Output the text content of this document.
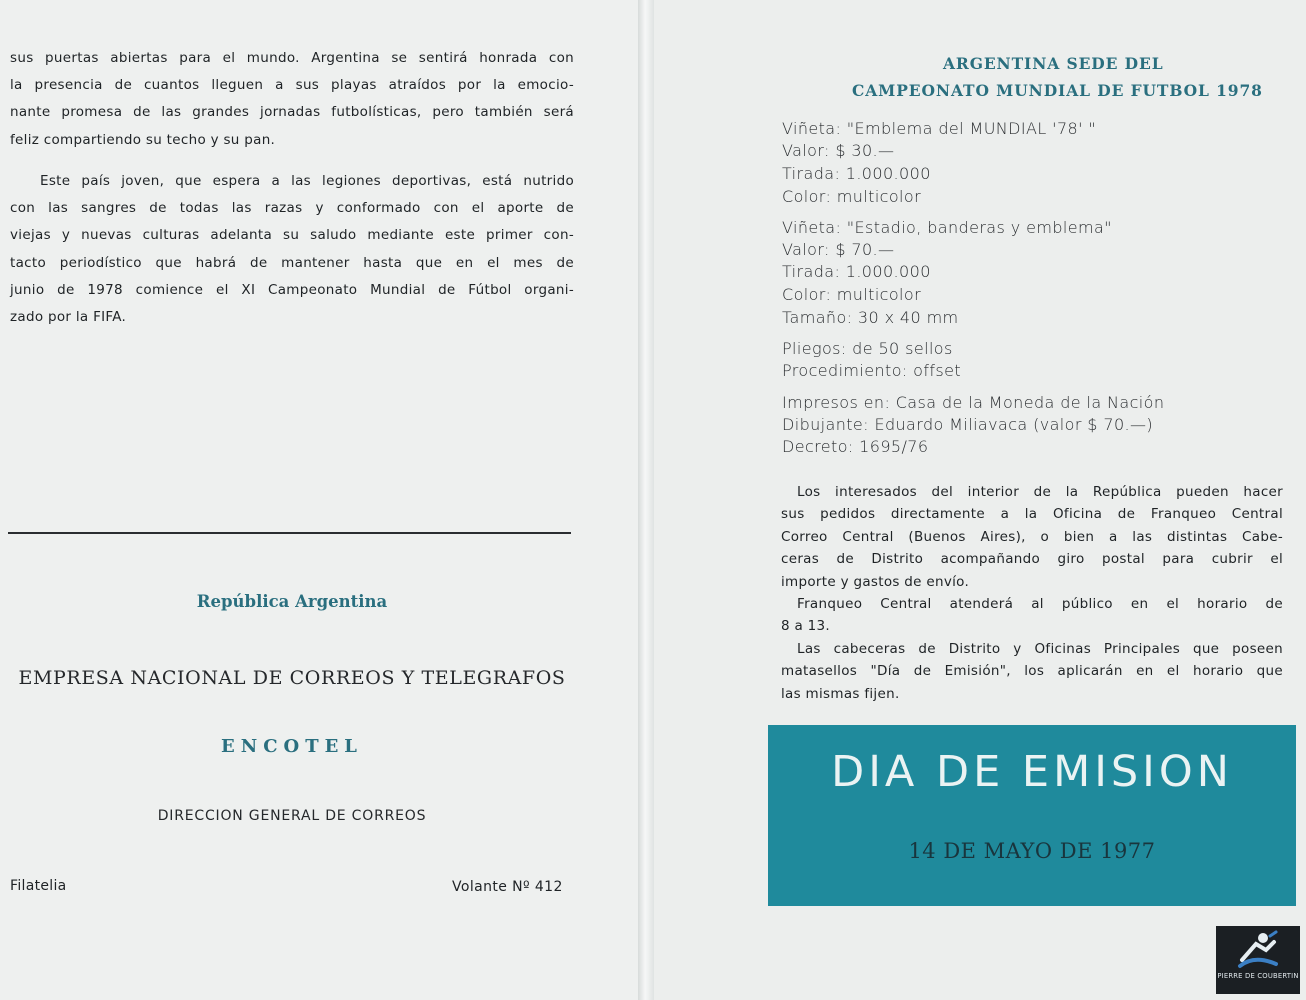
sus puertas abiertas para el mundo. Argentina se sentirá honrada con
la presencia de cuantos lleguen a sus playas atraídos por la emocio-
nante promesa de las grandes jornadas futbolísticas, pero también será
feliz compartiendo su techo y su pan.
Este país joven, que espera a las legiones deportivas, está nutrido
con las sangres de todas las razas y conformado con el aporte de
viejas y nuevas culturas adelanta su saludo mediante este primer con-
tacto periodístico que habrá de mantener hasta que en el mes de
junio de 1978 comience el XI Campeonato Mundial de Fútbol organi-
zado por la FIFA.
República Argentina
EMPRESA NACIONAL DE CORREOS Y TELEGRAFOS
ENCOTEL
DIRECCION GENERAL DE CORREOS
Filatelia	Volante Nº 412
ARGENTINA SEDE DEL
CAMPEONATO MUNDIAL DE FUTBOL 1978
Viñeta: "Emblema del MUNDIAL '78' "
Valor: $ 30.—
Tirada: 1.000.000
Color: multicolor
Viñeta: "Estadio, banderas y emblema"
Valor: $ 70.—
Tirada: 1.000.000
Color: multicolor
Tamaño: 30 x 40 mm
Pliegos: de 50 sellos
Procedimiento: offset
Impresos en: Casa de la Moneda de la Nación
Dibujante: Eduardo Miliavaca (valor $ 70.—)
Decreto: 1695/76
Los interesados del interior de la República pueden hacer
sus pedidos directamente a la Oficina de Franqueo Central
Correo Central (Buenos Aires), o bien a las distintas Cabe-
ceras de Distrito acompañando giro postal para cubrir el
importe y gastos de envío.
Franqueo Central atenderá al público en el horario de
8 a 13.
Las cabeceras de Distrito y Oficinas Principales que poseen
matasellos "Día de Emisión", los aplicarán en el horario que
las mismas fijen.
DIA DE EMISION
14 DE MAYO DE 1977
PIERRE DE COUBERTIN
